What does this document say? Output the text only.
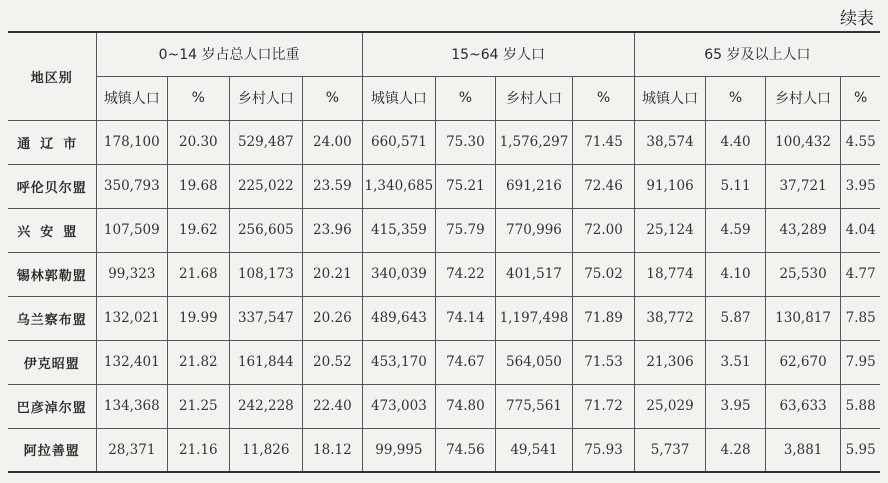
续表
地区别	0~14 岁占总人口比重				15~64 岁人口				65 岁及以上人口			
	城镇人口	%	乡村人口	%	城镇人口	%	乡村人口	%	城镇人口	%	乡村人口	%
通辽市	178,100	20.30	529,487	24.00	660,571	75.30	1,576,297	71.45	38,574	4.40	100,432	4.55
呼伦贝尔盟	350,793	19.68	225,022	23.59	1,340,685	75.21	691,216	72.46	91,106	5.11	37,721	3.95
兴安盟	107,509	19.62	256,605	23.96	415,359	75.79	770,996	72.00	25,124	4.59	43,289	4.04
锡林郭勒盟	99,323	21.68	108,173	20.21	340,039	74.22	401,517	75.02	18,774	4.10	25,530	4.77
乌兰察布盟	132,021	19.99	337,547	20.26	489,643	74.14	1,197,498	71.89	38,772	5.87	130,817	7.85
伊克昭盟	132,401	21.82	161,844	20.52	453,170	74.67	564,050	71.53	21,306	3.51	62,670	7.95
巴彦淖尔盟	134,368	21.25	242,228	22.40	473,003	74.80	775,561	71.72	25,029	3.95	63,633	5.88
阿拉善盟	28,371	21.16	11,826	18.12	99,995	74.56	49,541	75.93	5,737	4.28	3,881	5.95
